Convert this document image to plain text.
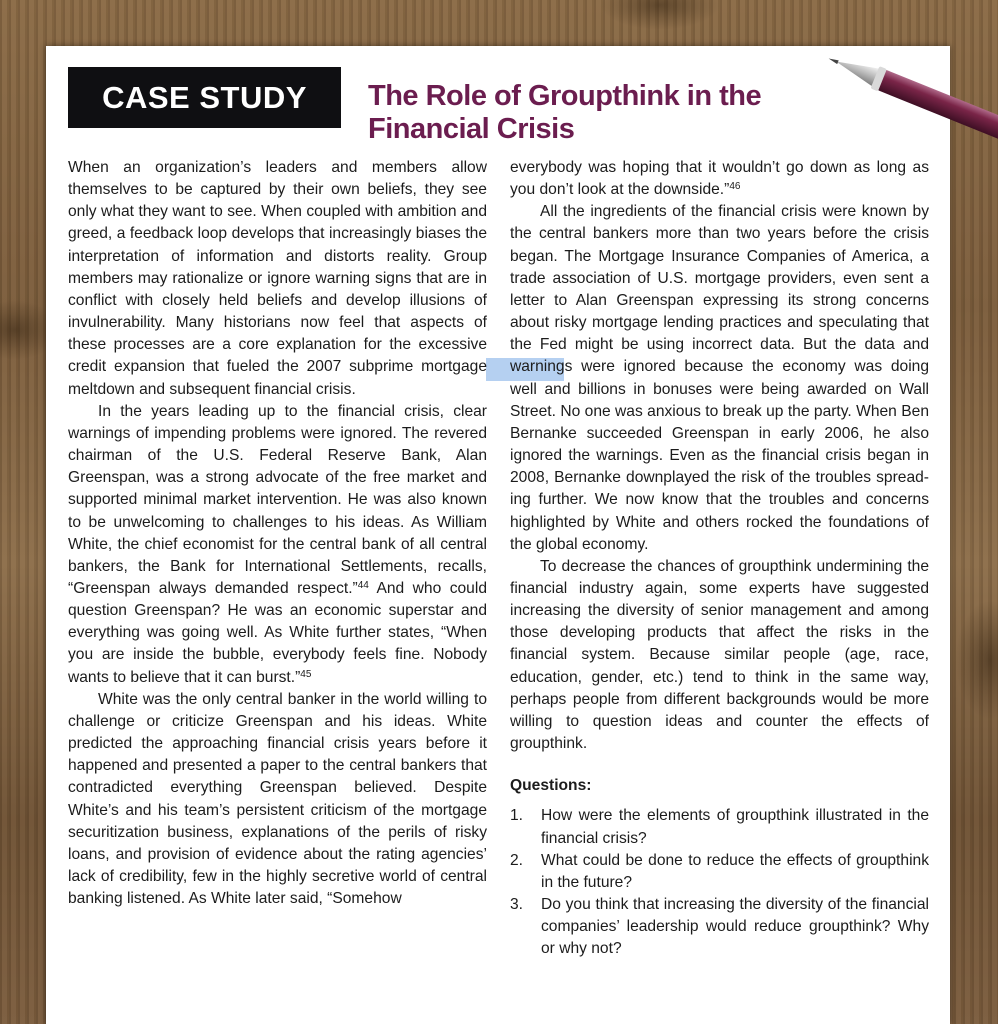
CASE STUDY	The Role of Groupthink in the Financial Crisis

When an organization’s leaders and members allow themselves to be captured by their own beliefs, they see only what they want to see. When coupled with ambition and greed, a feedback loop develops that increasingly biases the interpretation of information and distorts reality. Group members may rationalize or ignore warning signs that are in conflict with closely held beliefs and develop illusions of invulnerability. Many historians now feel that aspects of these processes are a core explanation for the excessive credit expansion that fueled the 2007 subprime mortgage meltdown and subsequent financial crisis.

In the years leading up to the financial crisis, clear warnings of impending problems were ignored. The revered chairman of the U.S. Federal Reserve Bank, Alan Greenspan, was a strong advocate of the free market and supported minimal market intervention. He was also known to be unwelcoming to challenges to his ideas. As William White, the chief economist for the central bank of all central bankers, the Bank for International Settlements, recalls, “Greenspan always demanded respect.”$^{44}$ And who could question Greenspan? He was an economic superstar and everything was going well. As White further states, “When you are inside the bubble, everybody feels fine. Nobody wants to believe that it can burst.”$^{45}$

White was the only central banker in the world willing to challenge or criticize Greenspan and his ideas. White predicted the approaching financial crisis years before it happened and presented a paper to the central bankers that contradicted everything Greenspan believed. Despite White’s and his team’s persistent criticism of the mortgage securitization business, explanations of the perils of risky loans, and provision of evidence about the rating agencies’ lack of credibility, few in the highly secretive world of central banking listened. As White later said, “Somehow

everybody was hoping that it wouldn’t go down as long as you don’t look at the downside.”$^{46}$

All the ingredients of the financial crisis were known by the central bankers more than two years before the crisis began. The Mortgage Insurance Companies of America, a trade association of U.S. mortgage providers, even sent a letter to Alan Greenspan expressing its strong concerns about risky mortgage lending practices and speculating that the Fed might be using incorrect data. But the data and warnings were ignored because the economy was doing well and billions in bonuses were being awarded on Wall Street. No one was anxious to break up the party. When Ben Bernanke succeeded Greenspan in early 2006, he also ignored the warnings. Even as the financial crisis began in 2008, Bernanke downplayed the risk of the troubles spreading further. We now know that the troubles and concerns highlighted by White and others rocked the foundations of the global economy.

To decrease the chances of groupthink undermining the financial industry again, some experts have suggested increasing the diversity of senior management and among those developing products that affect the risks in the financial system. Because similar people (age, race, education, gender, etc.) tend to think in the same way, perhaps people from different backgrounds would be more willing to question ideas and counter the effects of groupthink.

Questions:

1. How were the elements of groupthink illustrated in the financial crisis?
2. What could be done to reduce the effects of groupthink in the future?
3. Do you think that increasing the diversity of the financial companies’ leadership would reduce groupthink? Why or why not?
